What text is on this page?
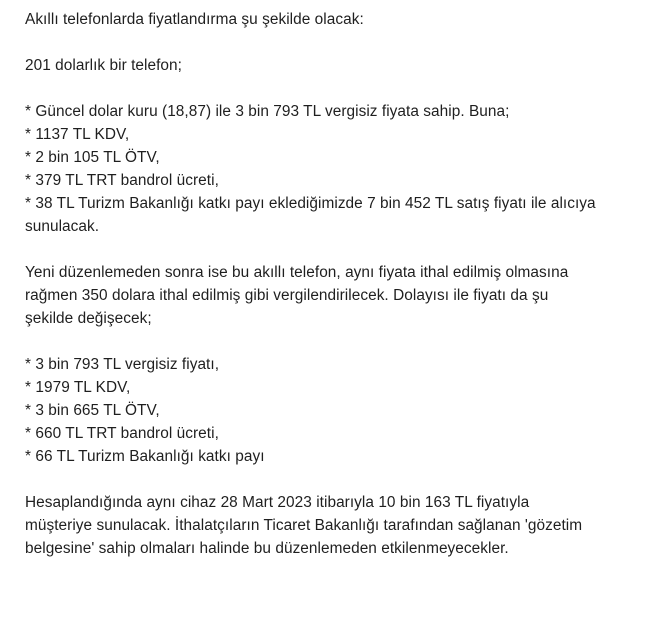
Akıllı telefonlarda fiyatlandırma şu şekilde olacak:
201 dolarlık bir telefon;
* Güncel dolar kuru (18,87) ile 3 bin 793 TL vergisiz fiyata sahip. Buna;
* 1137 TL KDV,
* 2 bin 105 TL ÖTV,
* 379 TL TRT bandrol ücreti,
* 38 TL Turizm Bakanlığı katkı payı eklediğimizde 7 bin 452 TL satış fiyatı ile alıcıya
sunulacak.
Yeni düzenlemeden sonra ise bu akıllı telefon, aynı fiyata ithal edilmiş olmasına
rağmen 350 dolara ithal edilmiş gibi vergilendirilecek. Dolayısı ile fiyatı da şu
şekilde değişecek;
* 3 bin 793 TL vergisiz fiyatı,
* 1979 TL KDV,
* 3 bin 665 TL ÖTV,
* 660 TL TRT bandrol ücreti,
* 66 TL Turizm Bakanlığı katkı payı
Hesaplandığında aynı cihaz 28 Mart 2023 itibarıyla 10 bin 163 TL fiyatıyla
müşteriye sunulacak. İthalatçıların Ticaret Bakanlığı tarafından sağlanan 'gözetim
belgesine' sahip olmaları halinde bu düzenlemeden etkilenmeyecekler.
